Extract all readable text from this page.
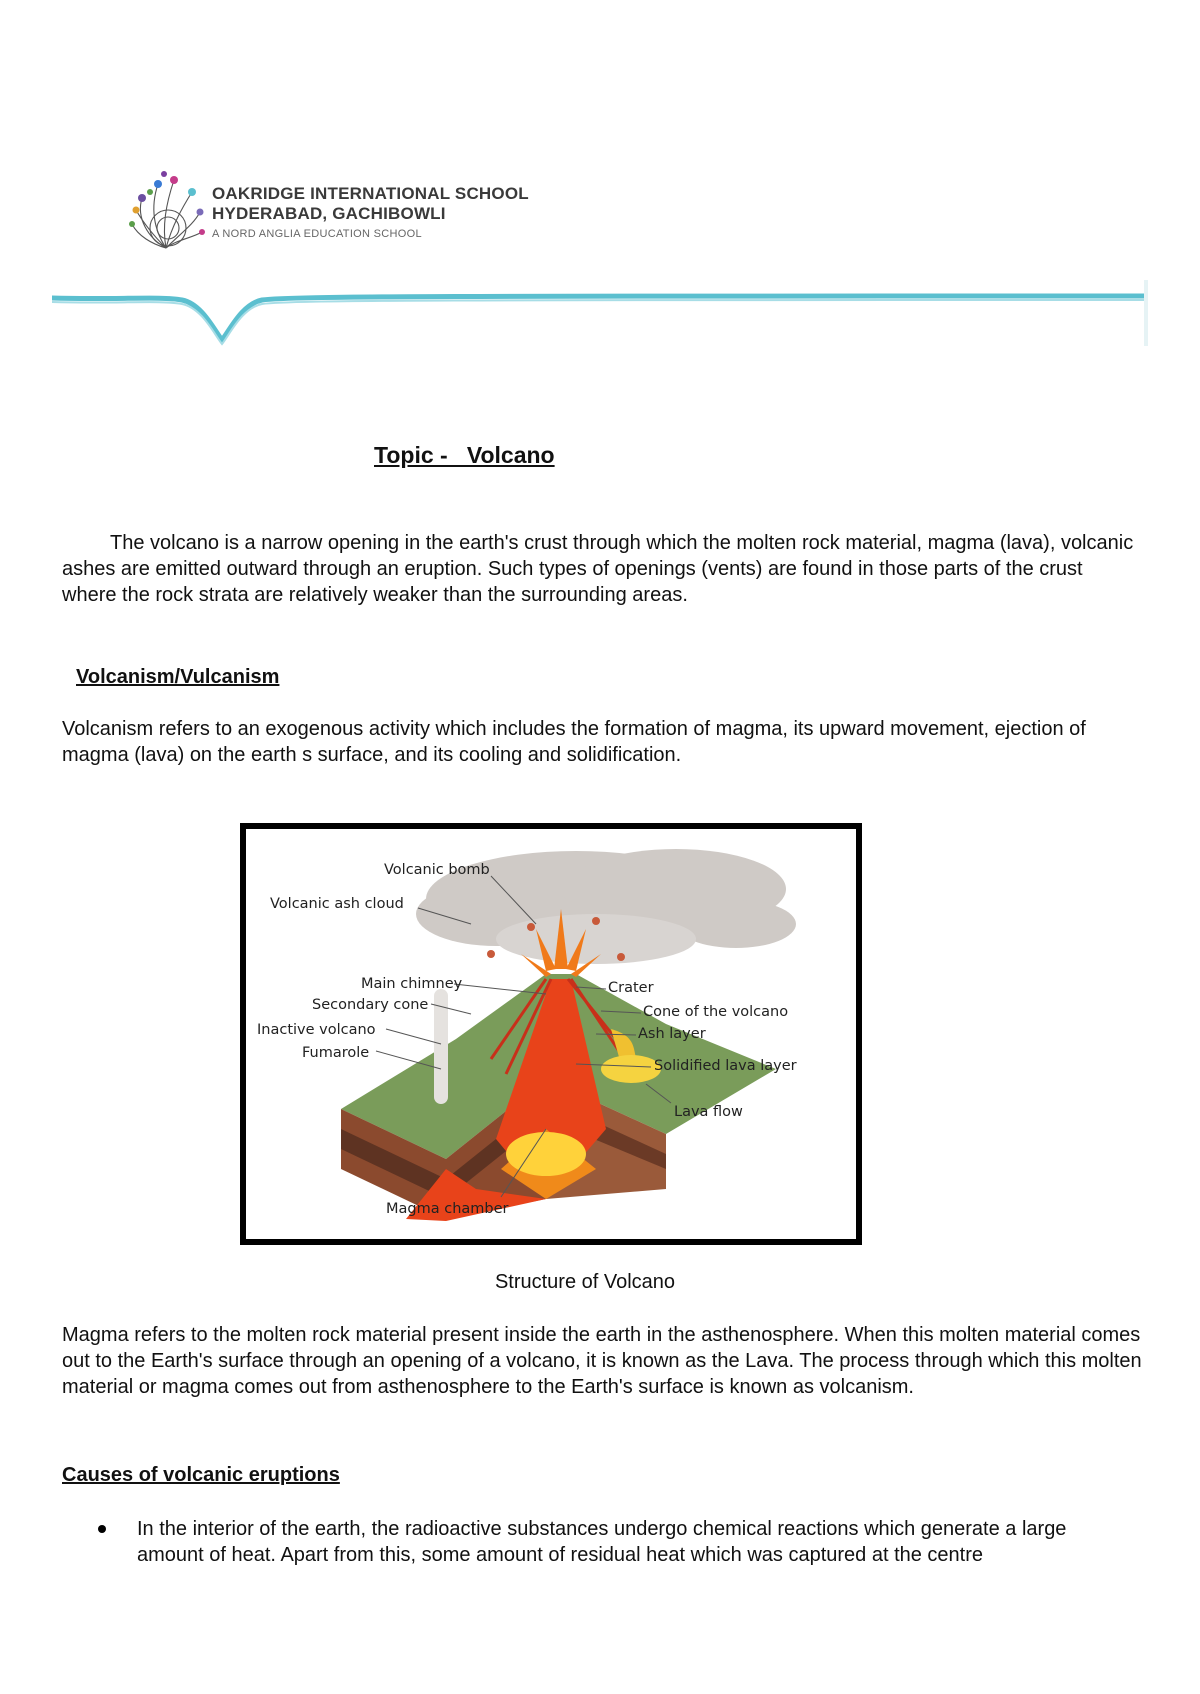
OAKRIDGE INTERNATIONAL SCHOOL
HYDERABAD, GACHIBOWLI
A NORD ANGLIA EDUCATION SCHOOL
Topic -   Volcano
The volcano is a narrow opening in the earth's crust through which the molten rock material, magma (lava), volcanic ashes are emitted outward through an eruption. Such types of openings (vents) are found in those parts of the crust where the rock strata are relatively weaker than the surrounding areas.
Volcanism/Vulcanism
Volcanism refers to an exogenous activity which includes the formation of magma, its upward movement, ejection of magma (lava) on the earth s surface, and its cooling and solidification.
Volcanic bomb
Volcanic ash cloud
Main chimney
Secondary cone
Inactive volcano
Fumarole
Crater
Cone of the volcano
Ash layer
Solidified lava layer
Lava flow
Magma chamber
Structure of Volcano
Magma refers to the molten rock material present inside the earth in the asthenosphere. When this molten material comes out to the Earth's surface through an opening of a volcano, it is known as the Lava. The process through which this molten material or magma comes out from asthenosphere to the Earth's surface is known as volcanism.
Causes of volcanic eruptions
In the interior of the earth, the radioactive substances undergo chemical reactions which generate a large amount of heat. Apart from this, some amount of residual heat which was captured at the centre
